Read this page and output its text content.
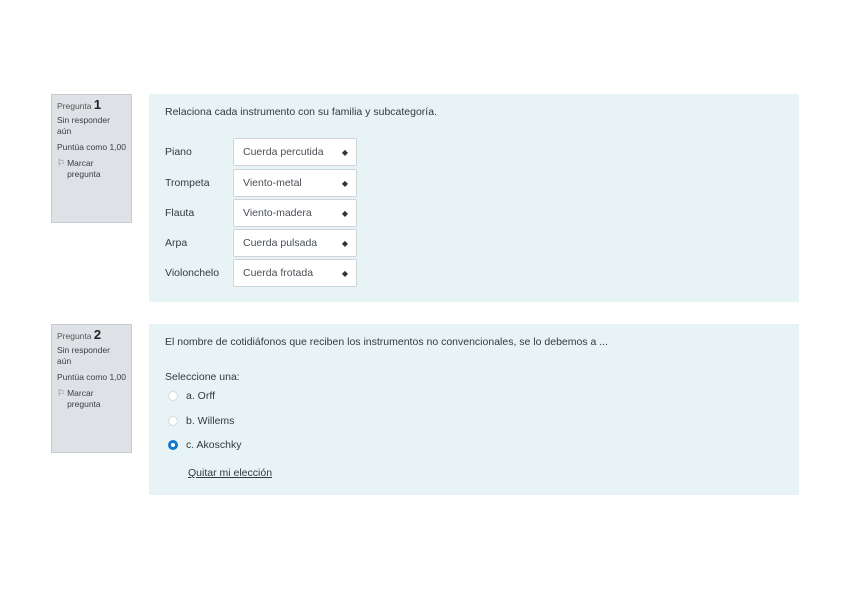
Pregunta 1
Sin responder aún
Puntúa como 1,00
⚐ Marcar pregunta
Relaciona cada instrumento con su familia y subcategoría.
Piano	Cuerda percutida ◆
Trompeta	Viento-metal	◆
Flauta	Viento-madera	◆
Arpa	Cuerda pulsada	◆
Violonchelo	Cuerda frotada	◆
Pregunta 2
Sin responder aún
Puntúa como 1,00
⚐ Marcar pregunta
El nombre de cotidiáfonos que reciben los instrumentos no convencionales, se lo debemos a ...
Seleccione una:
a. Orff
b. Willems
c. Akoschky
Quitar mi elección
